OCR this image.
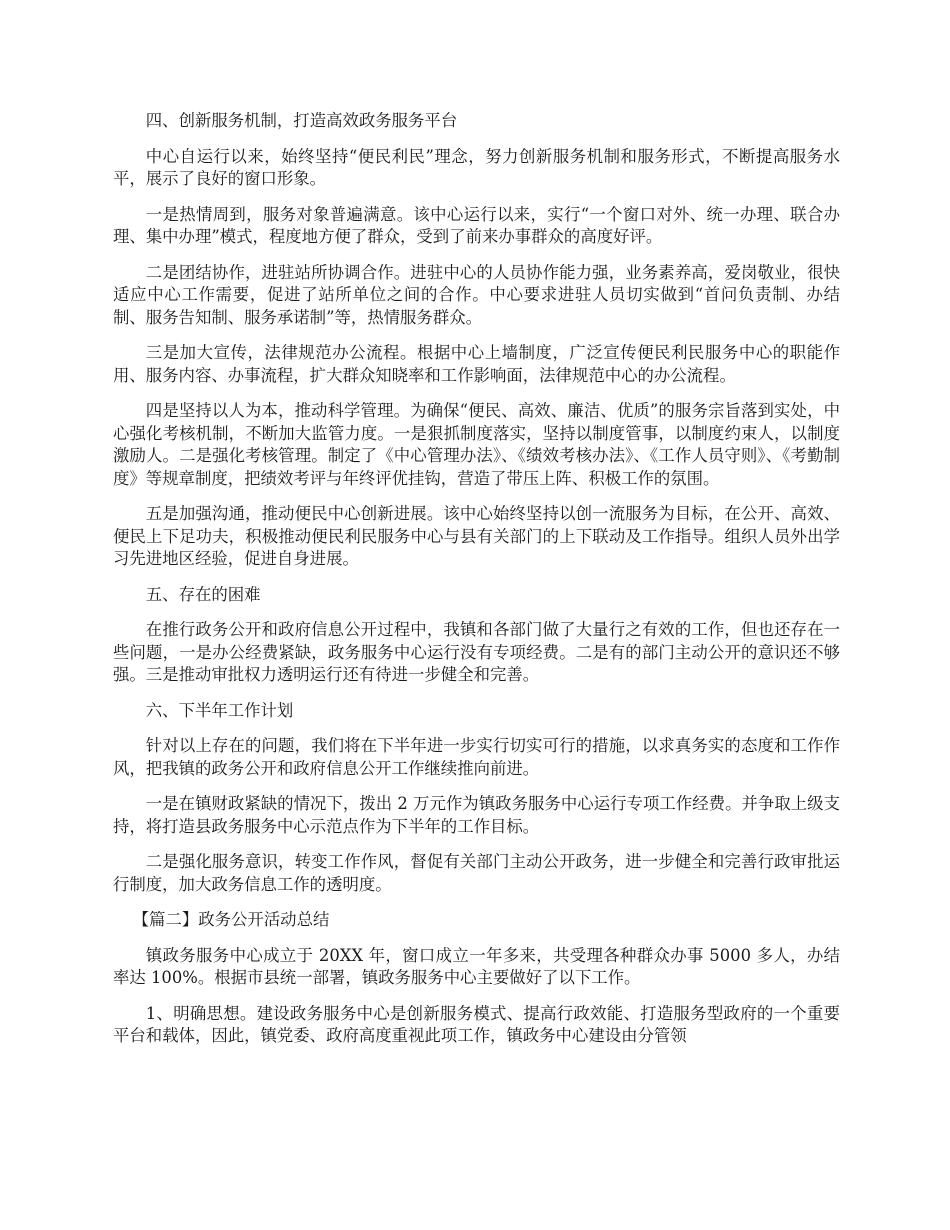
四、创新服务机制，打造高效政务服务平台

中心自运行以来，始终坚持“便民利民”理念，努力创新服务机制和服务形式，不断提高服务水平，展示了良好的窗口形象。

一是热情周到，服务对象普遍满意。该中心运行以来，实行“一个窗口对外、统一办理、联合办理、集中办理”模式，程度地方便了群众，受到了前来办事群众的高度好评。

二是团结协作，进驻站所协调合作。进驻中心的人员协作能力强，业务素养高，爱岗敬业，很快适应中心工作需要，促进了站所单位之间的合作。中心要求进驻人员切实做到“首问负责制、办结制、服务告知制、服务承诺制”等，热情服务群众。

三是加大宣传，法律规范办公流程。根据中心上墙制度，广泛宣传便民利民服务中心的职能作用、服务内容、办事流程，扩大群众知晓率和工作影响面，法律规范中心的办公流程。

四是坚持以人为本，推动科学管理。为确保“便民、高效、廉洁、优质”的服务宗旨落到实处，中心强化考核机制，不断加大监管力度。一是狠抓制度落实，坚持以制度管事，以制度约束人，以制度激励人。二是强化考核管理。制定了《中心管理办法》、《绩效考核办法》、《工作人员守则》、《考勤制度》等规章制度，把绩效考评与年终评优挂钩，营造了带压上阵、积极工作的氛围。

五是加强沟通，推动便民中心创新进展。该中心始终坚持以创一流服务为目标，在公开、高效、便民上下足功夫，积极推动便民利民服务中心与县有关部门的上下联动及工作指导。组织人员外出学习先进地区经验，促进自身进展。

五、存在的困难

在推行政务公开和政府信息公开过程中，我镇和各部门做了大量行之有效的工作，但也还存在一些问题，一是办公经费紧缺，政务服务中心运行没有专项经费。二是有的部门主动公开的意识还不够强。三是推动审批权力透明运行还有待进一步健全和完善。

六、下半年工作计划

针对以上存在的问题，我们将在下半年进一步实行切实可行的措施，以求真务实的态度和工作作风，把我镇的政务公开和政府信息公开工作继续推向前进。

一是在镇财政紧缺的情况下，拨出 2 万元作为镇政务服务中心运行专项工作经费。并争取上级支持，将打造县政务服务中心示范点作为下半年的工作目标。

二是强化服务意识，转变工作作风，督促有关部门主动公开政务，进一步健全和完善行政审批运行制度，加大政务信息工作的透明度。

【篇二】政务公开活动总结

镇政务服务中心成立于 20XX 年，窗口成立一年多来，共受理各种群众办事 5000 多人，办结率达 100%。根据市县统一部署，镇政务服务中心主要做好了以下工作。

1、明确思想。建设政务服务中心是创新服务模式、提高行政效能、打造服务型政府的一个重要平台和载体，因此，镇党委、政府高度重视此项工作，镇政务中心建设由分管领
